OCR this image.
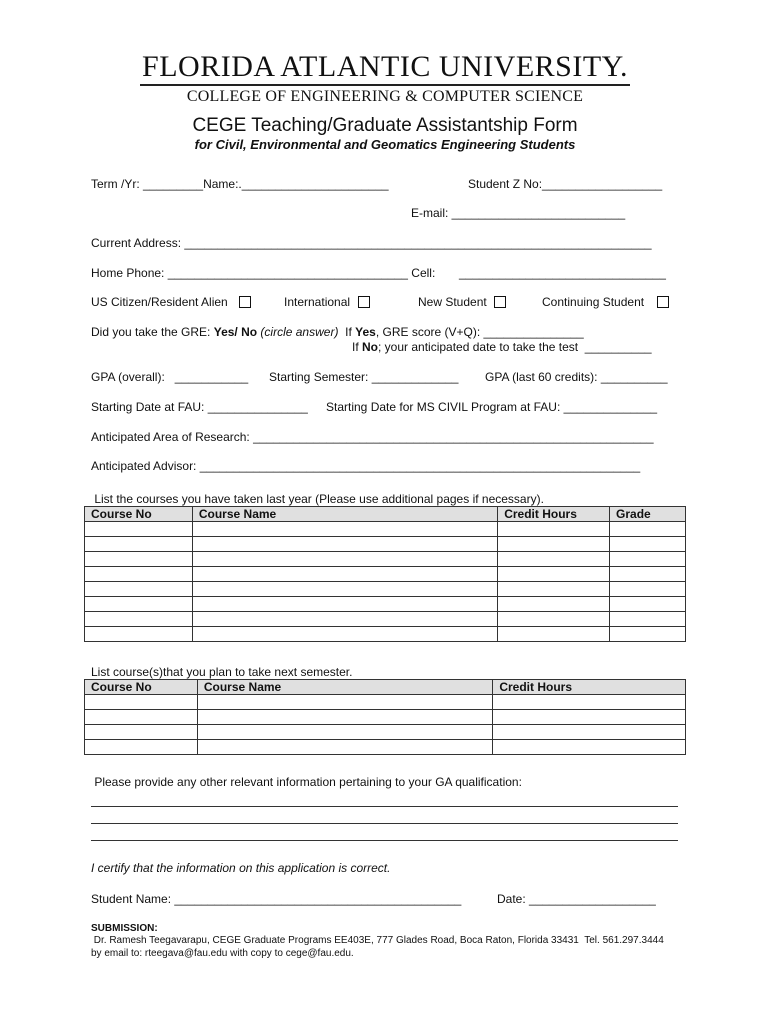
FLORIDA ATLANTIC UNIVERSITY.
COLLEGE OF ENGINEERING & COMPUTER SCIENCE
CEGE Teaching/Graduate Assistantship Form
for Civil, Environmental and Geomatics Engineering Students
Term /Yr: _________Name:.______________________	Student Z No:__________________
E-mail: __________________________
Current Address: ______________________________________________________________________
Home Phone: ____________________________________ Cell: _______________________________
US Citizen/Resident Alien	International	New Student	Continuing Student
Did you take the GRE: Yes/ No (circle answer)  If Yes, GRE score (V+Q): _______________
If No; your anticipated date to take the test  __________
GPA (overall):   ___________ Starting Semester: _____________ GPA (last 60 credits): __________
Starting Date at FAU: _______________ Starting Date for MS CIVIL Program at FAU: ______________
Anticipated Area of Research: ____________________________________________________________
Anticipated Advisor: __________________________________________________________________
List the courses you have taken last year (Please use additional pages if necessary).
Course No	Course Name	Credit Hours	Grade

List course(s)that you plan to take next semester.
Course No	Course Name	Credit Hours

Please provide any other relevant information pertaining to your GA qualification:
I certify that the information on this application is correct.
Student Name: ___________________________________________	Date: ___________________
SUBMISSION:
Dr. Ramesh Teegavarapu, CEGE Graduate Programs EE403E, 777 Glades Road, Boca Raton, Florida 33431  Tel. 561.297.3444
by email to: rteegava@fau.edu with copy to cege@fau.edu.
